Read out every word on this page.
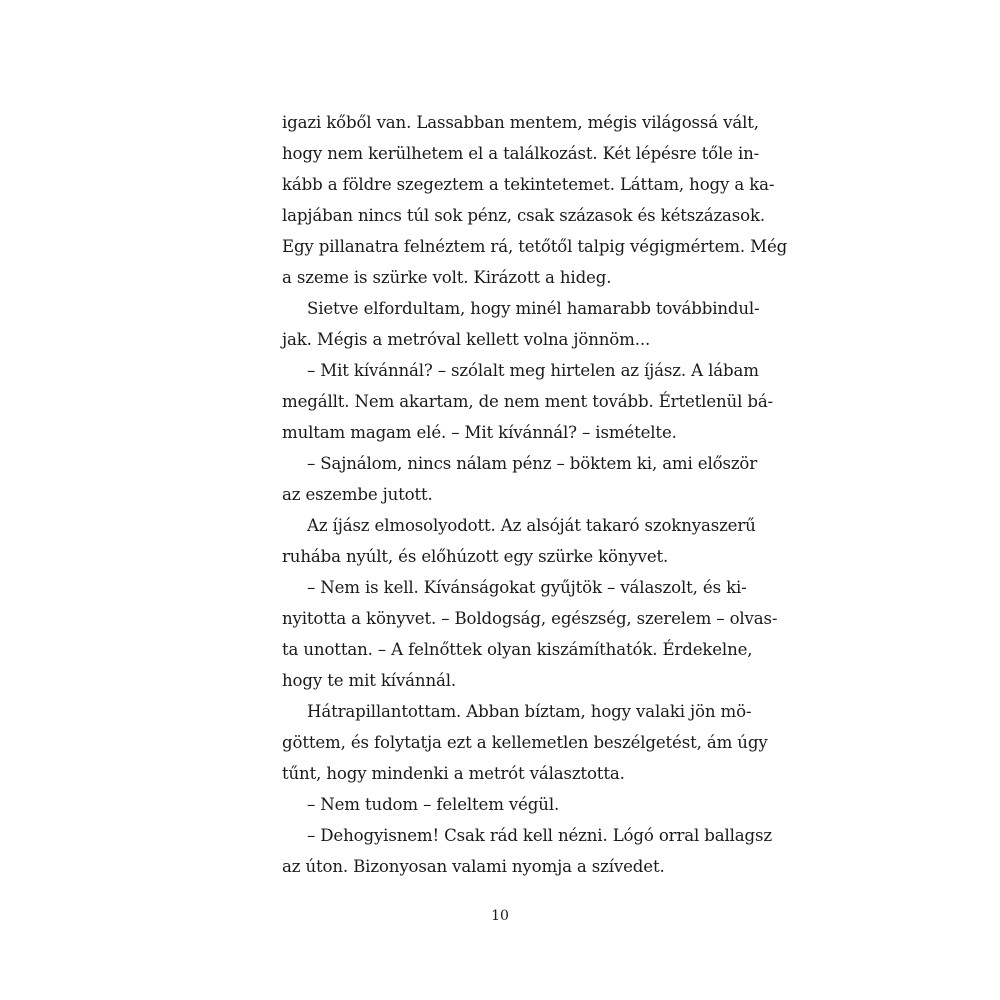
igazi kőből van. Lassabban mentem, mégis világossá vált,
hogy nem kerülhetem el a találkozást. Két lépésre tőle in-
kább a földre szegeztem a tekintetemet. Láttam, hogy a ka-
lapjában nincs túl sok pénz, csak százasok és kétszázasok.
Egy pillanatra felnéztem rá, tetőtől talpig végigmértem. Még
a szeme is szürke volt. Kirázott a hideg.
Sietve elfordultam, hogy minél hamarabb továbbindul-
jak. Mégis a metróval kellett volna jönnöm...
– Mit kívánnál? – szólalt meg hirtelen az íjász. A lábam
megállt. Nem akartam, de nem ment tovább. Értetlenül bá-
multam magam elé. – Mit kívánnál? – ismételte.
– Sajnálom, nincs nálam pénz – böktem ki, ami először
az eszembe jutott.
Az íjász elmosolyodott. Az alsóját takaró szoknyaszerű
ruhába nyúlt, és előhúzott egy szürke könyvet.
– Nem is kell. Kívánságokat gyűjtök – válaszolt, és ki-
nyitotta a könyvet. – Boldogság, egészség, szerelem – olvas-
ta unottan. – A felnőttek olyan kiszámíthatók. Érdekelne,
hogy te mit kívánnál.
Hátrapillantottam. Abban bíztam, hogy valaki jön mö-
göttem, és folytatja ezt a kellemetlen beszélgetést, ám úgy
tűnt, hogy mindenki a metrót választotta.
– Nem tudom – feleltem végül.
– Dehogyisnem! Csak rád kell nézni. Lógó orral ballagsz
az úton. Bizonyosan valami nyomja a szívedet.
10
